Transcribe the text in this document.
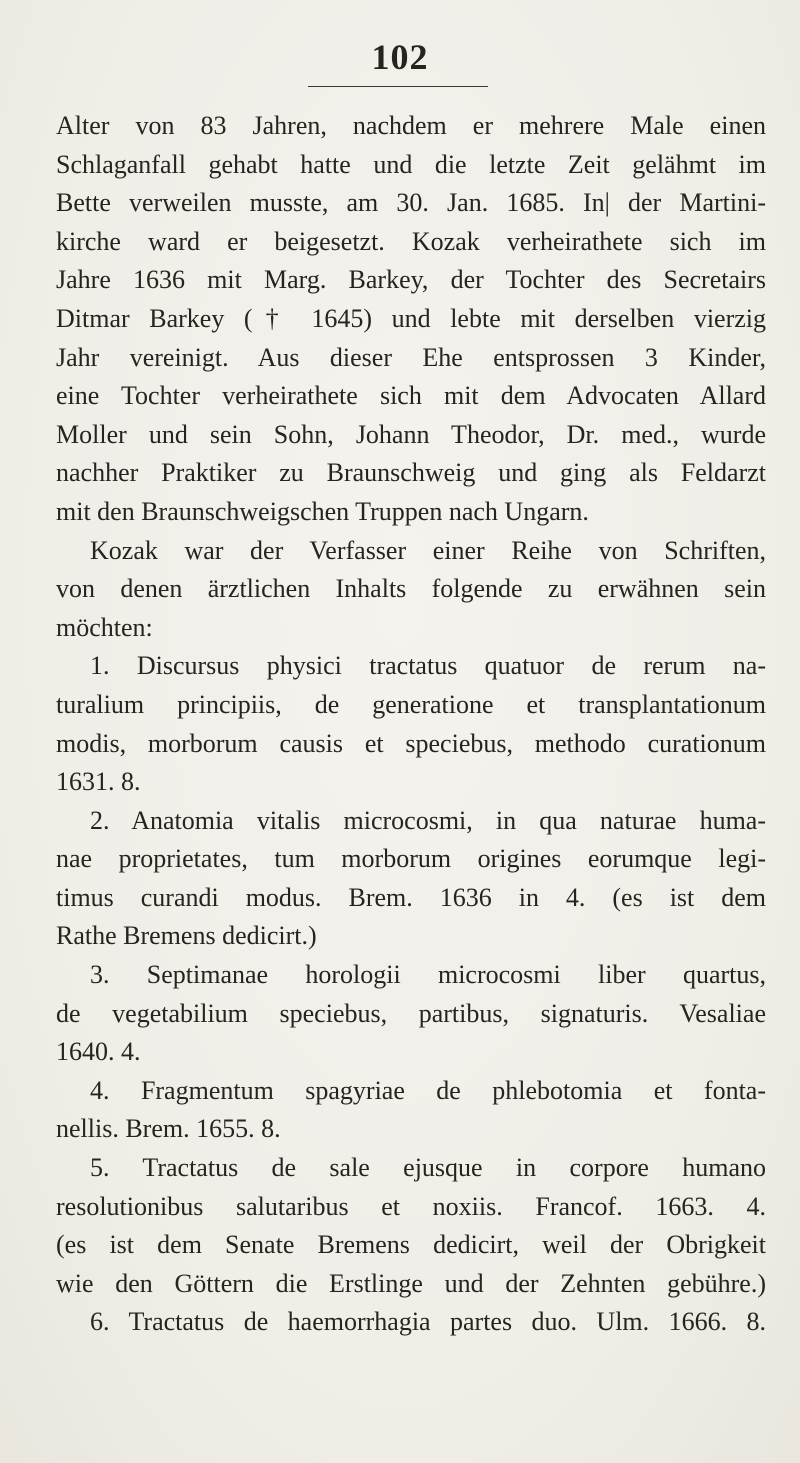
102
Alter von 83 Jahren, nachdem er mehrere Male einen
Schlaganfall gehabt hatte und die letzte Zeit gelähmt im
Bette verweilen musste, am 30. Jan. 1685. In| der Martini-
kirche ward er beigesetzt. Kozak verheirathete sich im
Jahre 1636 mit Marg. Barkey, der Tochter des Secretairs
Ditmar Barkey († 1645) und lebte mit derselben vierzig
Jahr vereinigt. Aus dieser Ehe entsprossen 3 Kinder,
eine Tochter verheirathete sich mit dem Advocaten Allard
Moller und sein Sohn, Johann Theodor, Dr. med., wurde
nachher Praktiker zu Braunschweig und ging als Feldarzt
mit den Braunschweigschen Truppen nach Ungarn.
Kozak war der Verfasser einer Reihe von Schriften,
von denen ärztlichen Inhalts folgende zu erwähnen sein
möchten:
1. Discursus physici tractatus quatuor de rerum na-
turalium principiis, de generatione et transplantationum
modis, morborum causis et speciebus, methodo curationum
1631. 8.
2. Anatomia vitalis microcosmi, in qua naturae huma-
nae proprietates, tum morborum origines eorumque legi-
timus curandi modus. Brem. 1636 in 4. (es ist dem
Rathe Bremens dedicirt.)
3. Septimanae horologii microcosmi liber quartus,
de vegetabilium speciebus, partibus, signaturis. Vesaliae
1640. 4.
4. Fragmentum spagyriae de phlebotomia et fonta-
nellis. Brem. 1655. 8.
5. Tractatus de sale ejusque in corpore humano
resolutionibus salutaribus et noxiis. Francof. 1663. 4.
(es ist dem Senate Bremens dedicirt, weil der Obrigkeit
wie den Göttern die Erstlinge und der Zehnten gebühre.)
6. Tractatus de haemorrhagia partes duo. Ulm. 1666. 8.
